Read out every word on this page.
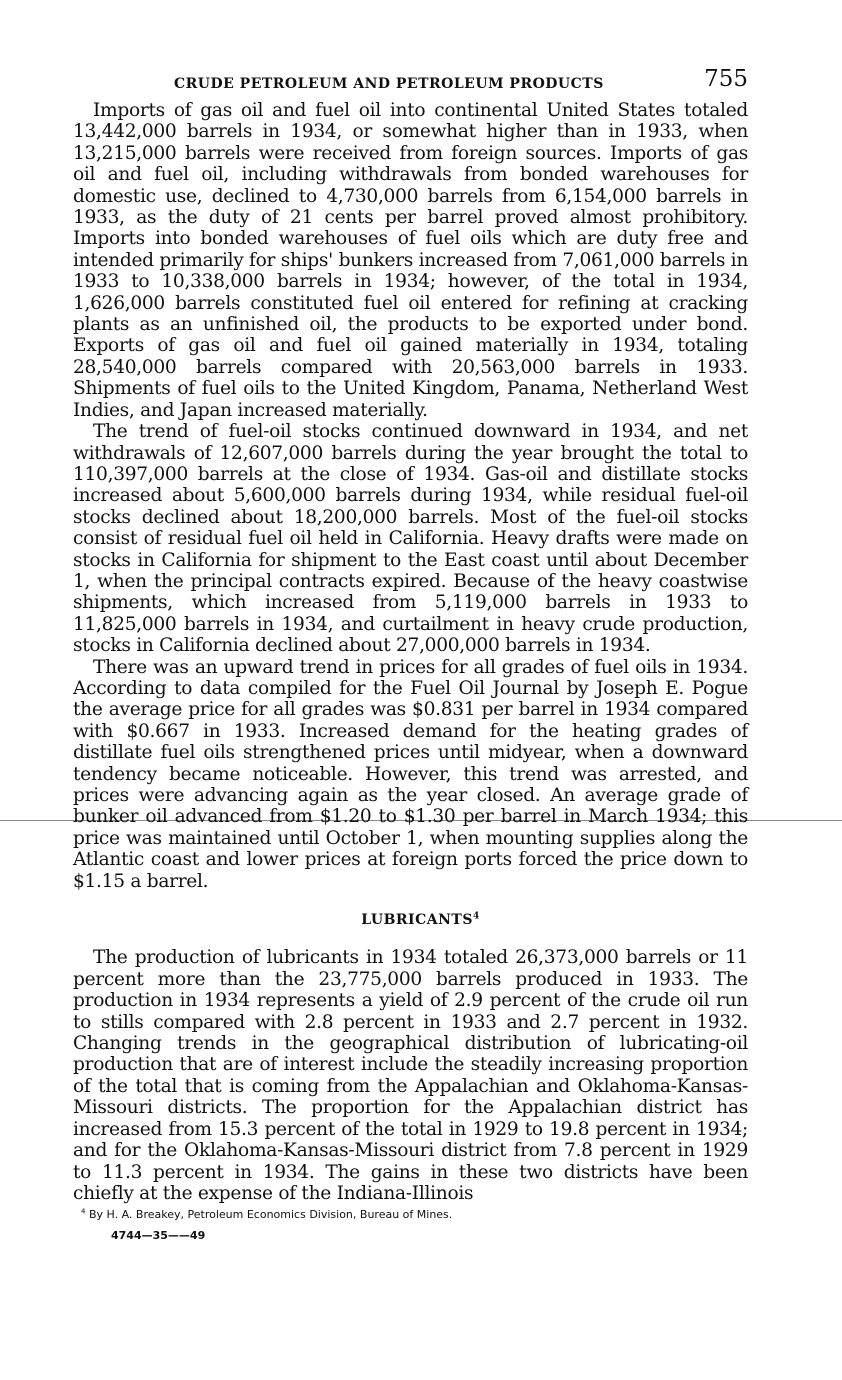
CRUDE PETROLEUM AND PETROLEUM PRODUCTS	755

Imports of gas oil and fuel oil into continental United States totaled 13,442,000 barrels in 1934, or somewhat higher than in 1933, when 13,215,000 barrels were received from foreign sources. Imports of gas oil and fuel oil, including withdrawals from bonded warehouses for domestic use, declined to 4,730,000 barrels from 6,154,000 barrels in 1933, as the duty of 21 cents per barrel proved almost prohibitory. Imports into bonded warehouses of fuel oils which are duty free and intended primarily for ships' bunkers increased from 7,061,000 barrels in 1933 to 10,338,000 barrels in 1934; however, of the total in 1934, 1,626,000 barrels constituted fuel oil entered for refining at cracking plants as an unfinished oil, the products to be exported under bond. Exports of gas oil and fuel oil gained materially in 1934, totaling 28,540,000 barrels compared with 20,563,000 barrels in 1933. Shipments of fuel oils to the United Kingdom, Panama, Netherland West Indies, and Japan increased materially.

The trend of fuel-oil stocks continued downward in 1934, and net withdrawals of 12,607,000 barrels during the year brought the total to 110,397,000 barrels at the close of 1934. Gas-oil and distillate stocks increased about 5,600,000 barrels during 1934, while residual fuel-oil stocks declined about 18,200,000 barrels. Most of the fuel-oil stocks consist of residual fuel oil held in California. Heavy drafts were made on stocks in California for shipment to the East coast until about December 1, when the principal contracts expired. Because of the heavy coastwise shipments, which increased from 5,119,000 barrels in 1933 to 11,825,000 barrels in 1934, and curtailment in heavy crude production, stocks in California declined about 27,000,000 barrels in 1934.

There was an upward trend in prices for all grades of fuel oils in 1934. According to data compiled for the Fuel Oil Journal by Joseph E. Pogue the average price for all grades was $0.831 per barrel in 1934 compared with $0.667 in 1933. Increased demand for the heating grades of distillate fuel oils strengthened prices until midyear, when a downward tendency became noticeable. However, this trend was arrested, and prices were advancing again as the year closed. An average grade of bunker oil advanced from $1.20 to $1.30 per barrel in March 1934; this price was maintained until October 1, when mounting supplies along the Atlantic coast and lower prices at foreign ports forced the price down to $1.15 a barrel.

LUBRICANTS$^4$

The production of lubricants in 1934 totaled 26,373,000 barrels or 11 percent more than the 23,775,000 barrels produced in 1933. The production in 1934 represents a yield of 2.9 percent of the crude oil run to stills compared with 2.8 percent in 1933 and 2.7 percent in 1932. Changing trends in the geographical distribution of lubricating-oil production that are of interest include the steadily increasing proportion of the total that is coming from the Appalachian and Oklahoma-Kansas-Missouri districts. The proportion for the Appalachian district has increased from 15.3 percent of the total in 1929 to 19.8 percent in 1934; and for the Oklahoma-Kansas-Missouri district from 7.8 percent in 1929 to 11.3 percent in 1934. The gains in these two districts have been chiefly at the expense of the Indiana-Illinois

$^4$ By H. A. Breakey, Petroleum Economics Division, Bureau of Mines.
4744—35——49
